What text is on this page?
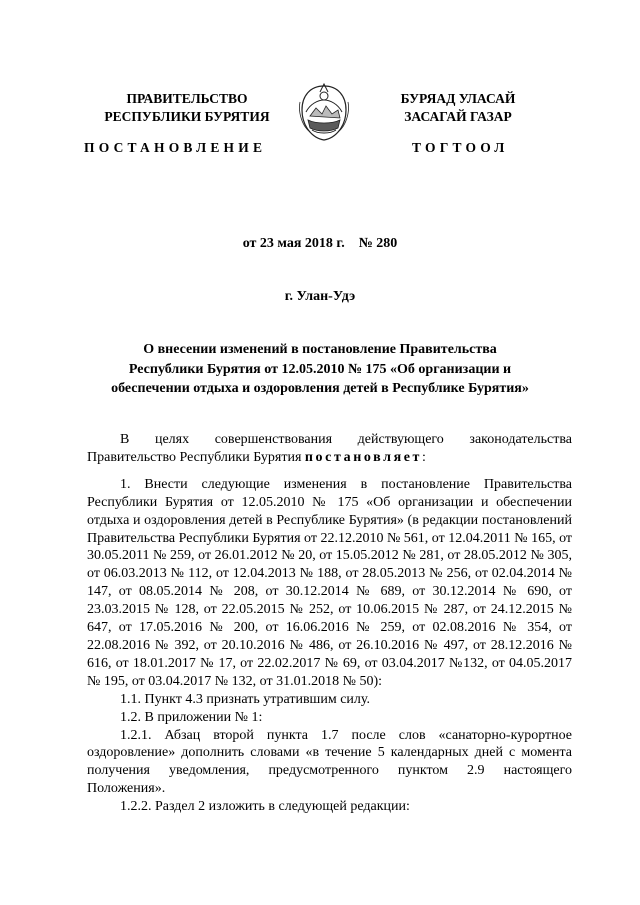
ПРАВИТЕЛЬСТВО
РЕСПУБЛИКИ БУРЯТИЯ
БУРЯАД УЛАСАЙ
ЗАСАГАЙ ГАЗАР
ПОСТАНОВЛЕНИЕ	ТОГТООЛ
от 23 мая 2018 г.    № 280
г. Улан-Удэ
О внесении изменений в постановление Правительства
Республики Бурятия от 12.05.2010 № 175 «Об организации и
обеспечении отдыха и оздоровления детей в Республике Бурятия»

В целях совершенствования действующего законодательства Правительство Республики Бурятия постановляет:

1. Внести следующие изменения в постановление Правительства Республики Бурятия от 12.05.2010 № 175 «Об организации и обеспечении отдыха и оздоровления детей в Республике Бурятия» (в редакции постановлений Правительства Республики Бурятия от 22.12.2010 № 561, от 12.04.2011 № 165, от 30.05.2011 № 259, от 26.01.2012 № 20, от 15.05.2012 № 281, от 28.05.2012 № 305, от 06.03.2013 № 112, от 12.04.2013 № 188, от 28.05.2013 № 256, от 02.04.2014 № 147, от 08.05.2014 № 208, от 30.12.2014 № 689, от 30.12.2014 № 690, от 23.03.2015 № 128, от 22.05.2015 № 252, от 10.06.2015 № 287, от 24.12.2015 № 647, от 17.05.2016 № 200, от 16.06.2016 № 259, от 02.08.2016 № 354, от 22.08.2016 № 392, от 20.10.2016 № 486, от 26.10.2016 № 497, от 28.12.2016 № 616, от 18.01.2017 № 17, от 22.02.2017 № 69, от 03.04.2017 №132, от 04.05.2017 № 195, от 03.04.2017 № 132, от 31.01.2018 № 50):

1.1. Пункт 4.3 признать утратившим силу.

1.2. В приложении № 1:

1.2.1. Абзац второй пункта 1.7 после слов «санаторно-курортное оздоровление» дополнить словами «в течение 5 календарных дней с момента получения уведомления, предусмотренного пунктом 2.9 настоящего Положения».

1.2.2. Раздел 2 изложить в следующей редакции:
